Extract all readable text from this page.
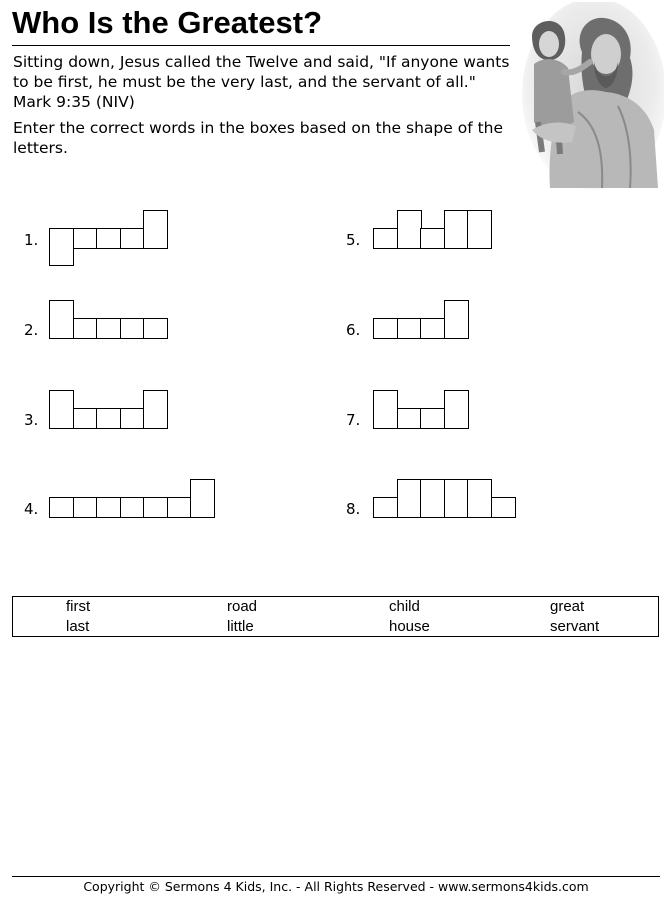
Who Is the Greatest?
Sitting down, Jesus called the Twelve and said, "If anyone wants to be first, he must be the very last, and the servant of all." Mark 9:35 (NIV)
Enter the correct words in the boxes based on the shape of the letters.
1.
2.
3.
4.
5.
6.
7.
8.
first	road	child	great
last	little	house	servant
Copyright © Sermons 4 Kids, Inc. - All Rights Reserved - www.sermons4kids.com
